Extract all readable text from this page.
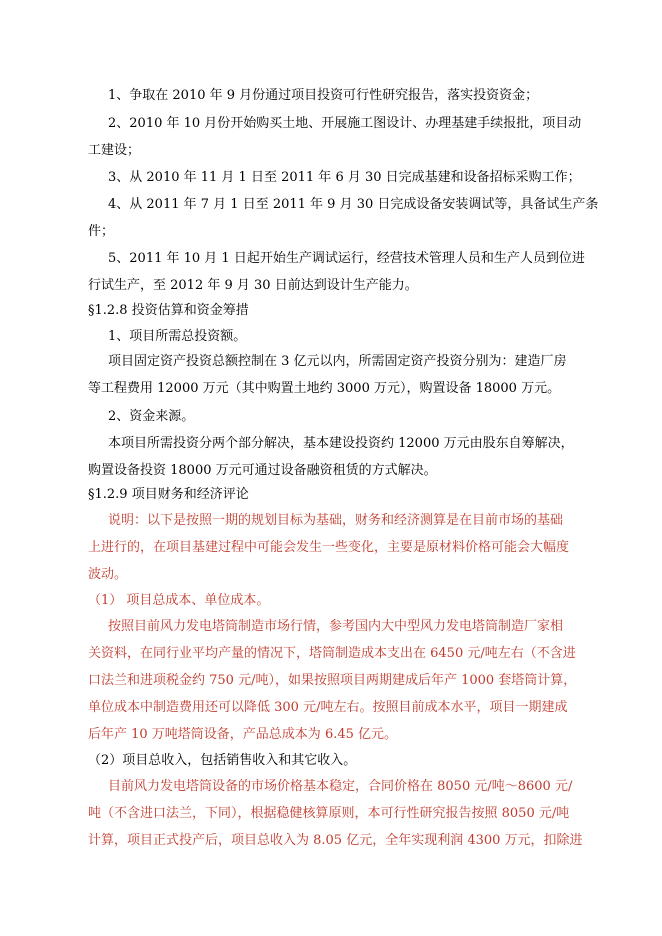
1、争取在 2010 年 9 月份通过项目投资可行性研究报告，落实投资资金；
2、2010 年 10 月份开始购买土地、开展施工图设计、办理基建手续报批，项目动
工建设；
3、从 2010 年 11 月 1 日至 2011 年 6 月 30 日完成基建和设备招标采购工作；
4、从 2011 年 7 月 1 日至 2011 年 9 月 30 日完成设备安装调试等，具备试生产条
件；
5、2011 年 10 月 1 日起开始生产调试运行，经营技术管理人员和生产人员到位进
行试生产，至 2012 年 9 月 30 日前达到设计生产能力。
§1.2.8 投资估算和资金筹措
1、项目所需总投资额。
项目固定资产投资总额控制在 3 亿元以内，所需固定资产投资分别为：建造厂房
等工程费用 12000 万元（其中购置土地约 3000 万元），购置设备 18000 万元。
2、资金来源。
本项目所需投资分两个部分解决，基本建设投资约 12000 万元由股东自筹解决，
购置设备投资 18000 万元可通过设备融资租赁的方式解决。
§1.2.9 项目财务和经济评论
说明：以下是按照一期的规划目标为基础，财务和经济测算是在目前市场的基础
上进行的，在项目基建过程中可能会发生一些变化，主要是原材料价格可能会大幅度
波动。
（1） 项目总成本、单位成本。
按照目前风力发电塔筒制造市场行情，参考国内大中型风力发电塔筒制造厂家相
关资料，在同行业平均产量的情况下，塔筒制造成本支出在 6450 元/吨左右（不含进
口法兰和进项税金约 750 元/吨），如果按照项目两期建成后年产 1000 套塔筒计算，
单位成本中制造费用还可以降低 300 元/吨左右。按照目前成本水平，项目一期建成
后年产 10 万吨塔筒设备，产品总成本为 6.45 亿元。
（2）项目总收入，包括销售收入和其它收入。
目前风力发电塔筒设备的市场价格基本稳定，合同价格在 8050 元/吨～8600 元/
吨（不含进口法兰，下同），根据稳健核算原则，本可行性研究报告按照 8050 元/吨
计算，项目正式投产后，项目总收入为 8.05 亿元，全年实现利润 4300 万元，扣除进
